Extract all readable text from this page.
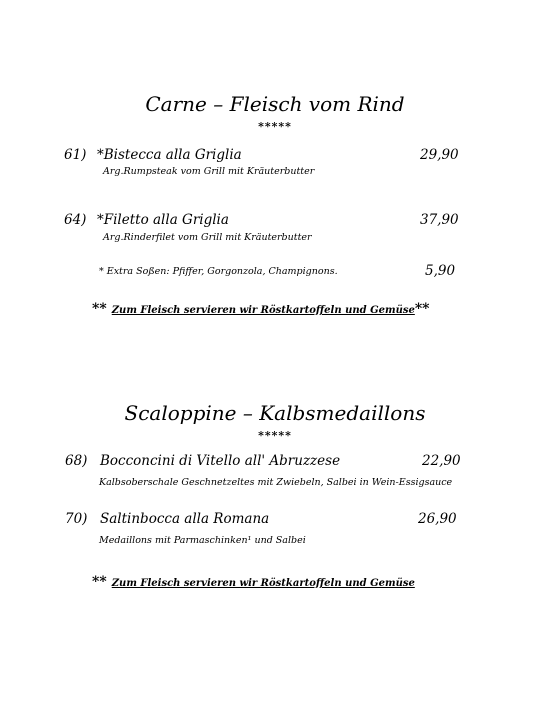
Carne – Fleisch vom Rind
*****
61) *Bistecca alla Griglia	29,90
Arg.Rumpsteak vom Grill mit Kräuterbutter
64) *Filetto alla Griglia	37,90
Arg.Rinderfilet vom Grill mit Kräuterbutter
* Extra Soßen: Pfiffer, Gorgonzola, Champignons.	5,90
** Zum Fleisch servieren wir Röstkartoffeln und Gemüse**
Scaloppine – Kalbsmedaillons
*****
68) Bocconcini di Vitello all' Abruzzese	22,90
Kalbsoberschale Geschnetzeltes mit Zwiebeln, Salbei in Wein-Essigsauce
70) Saltinbocca alla Romana	26,90
Medaillons mit Parmaschinken¹ und Salbei
** Zum Fleisch servieren wir Röstkartoffeln und Gemüse
